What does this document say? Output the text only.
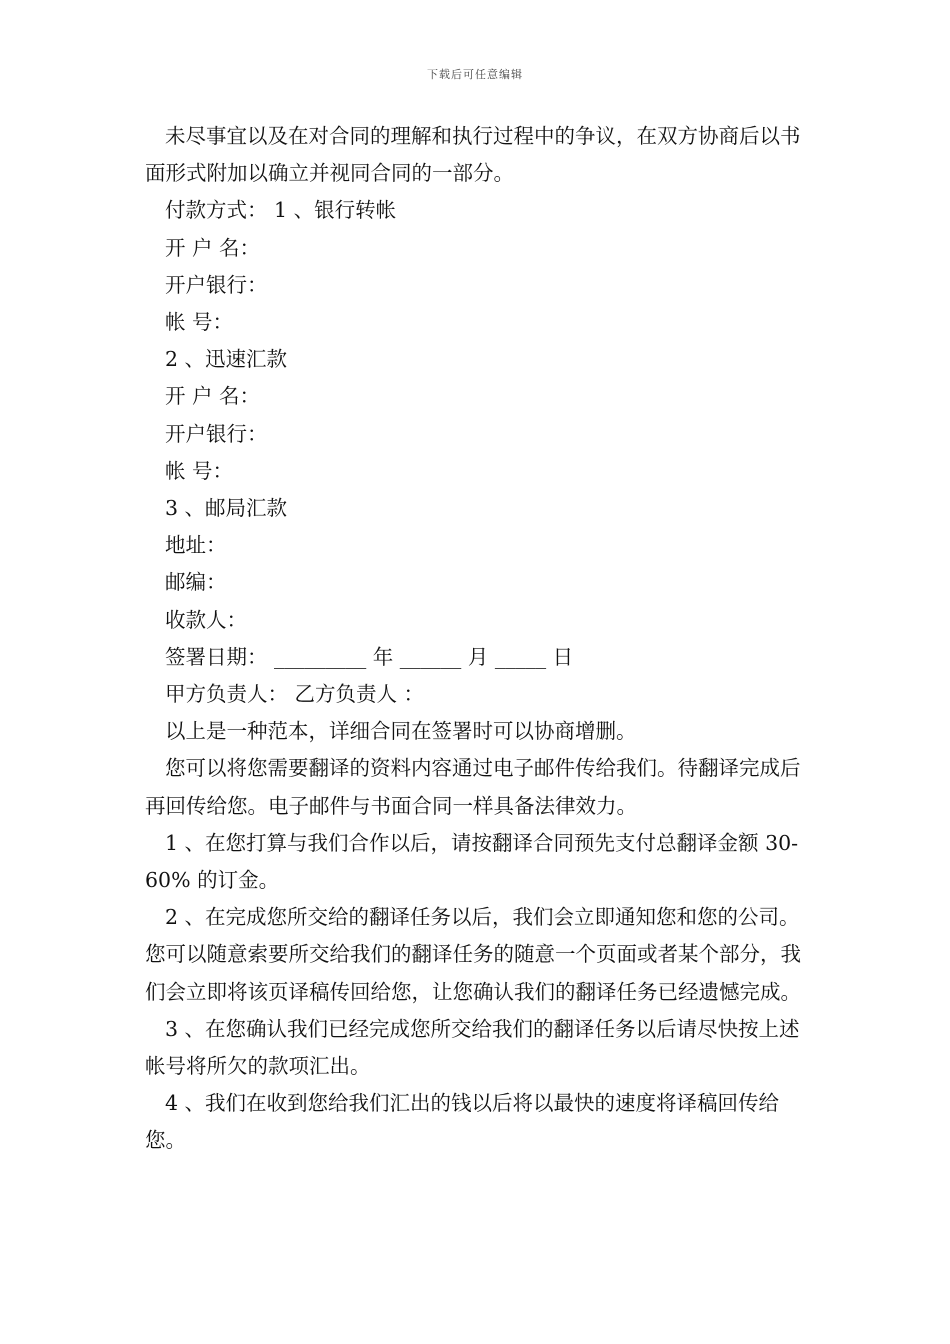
下载后可任意编辑

未尽事宜以及在对合同的理解和执行过程中的争议，在双方协商后以书面形式附加以确立并视同合同的一部分。

付款方式： 1 、银行转帐

开 户 名：

开户银行：

帐 号：

2 、迅速汇款

开 户 名：

开户银行：

帐 号：

3 、邮局汇款

地址：

邮编：

收款人：

签署日期： _________ 年 ______ 月 _____ 日

甲方负责人： 乙方负责人 ：

以上是一种范本，详细合同在签署时可以协商增删。

您可以将您需要翻译的资料内容通过电子邮件传给我们。待翻译完成后再回传给您。电子邮件与书面合同一样具备法律效力。

1 、在您打算与我们合作以后，请按翻译合同预先支付总翻译金额 30-60% 的订金。

2 、在完成您所交给的翻译任务以后，我们会立即通知您和您的公司。您可以随意索要所交给我们的翻译任务的随意一个页面或者某个部分，我们会立即将该页译稿传回给您，让您确认我们的翻译任务已经遗憾完成。

3 、在您确认我们已经完成您所交给我们的翻译任务以后请尽快按上述帐号将所欠的款项汇出。

4 、我们在收到您给我们汇出的钱以后将以最快的速度将译稿回传给您。
